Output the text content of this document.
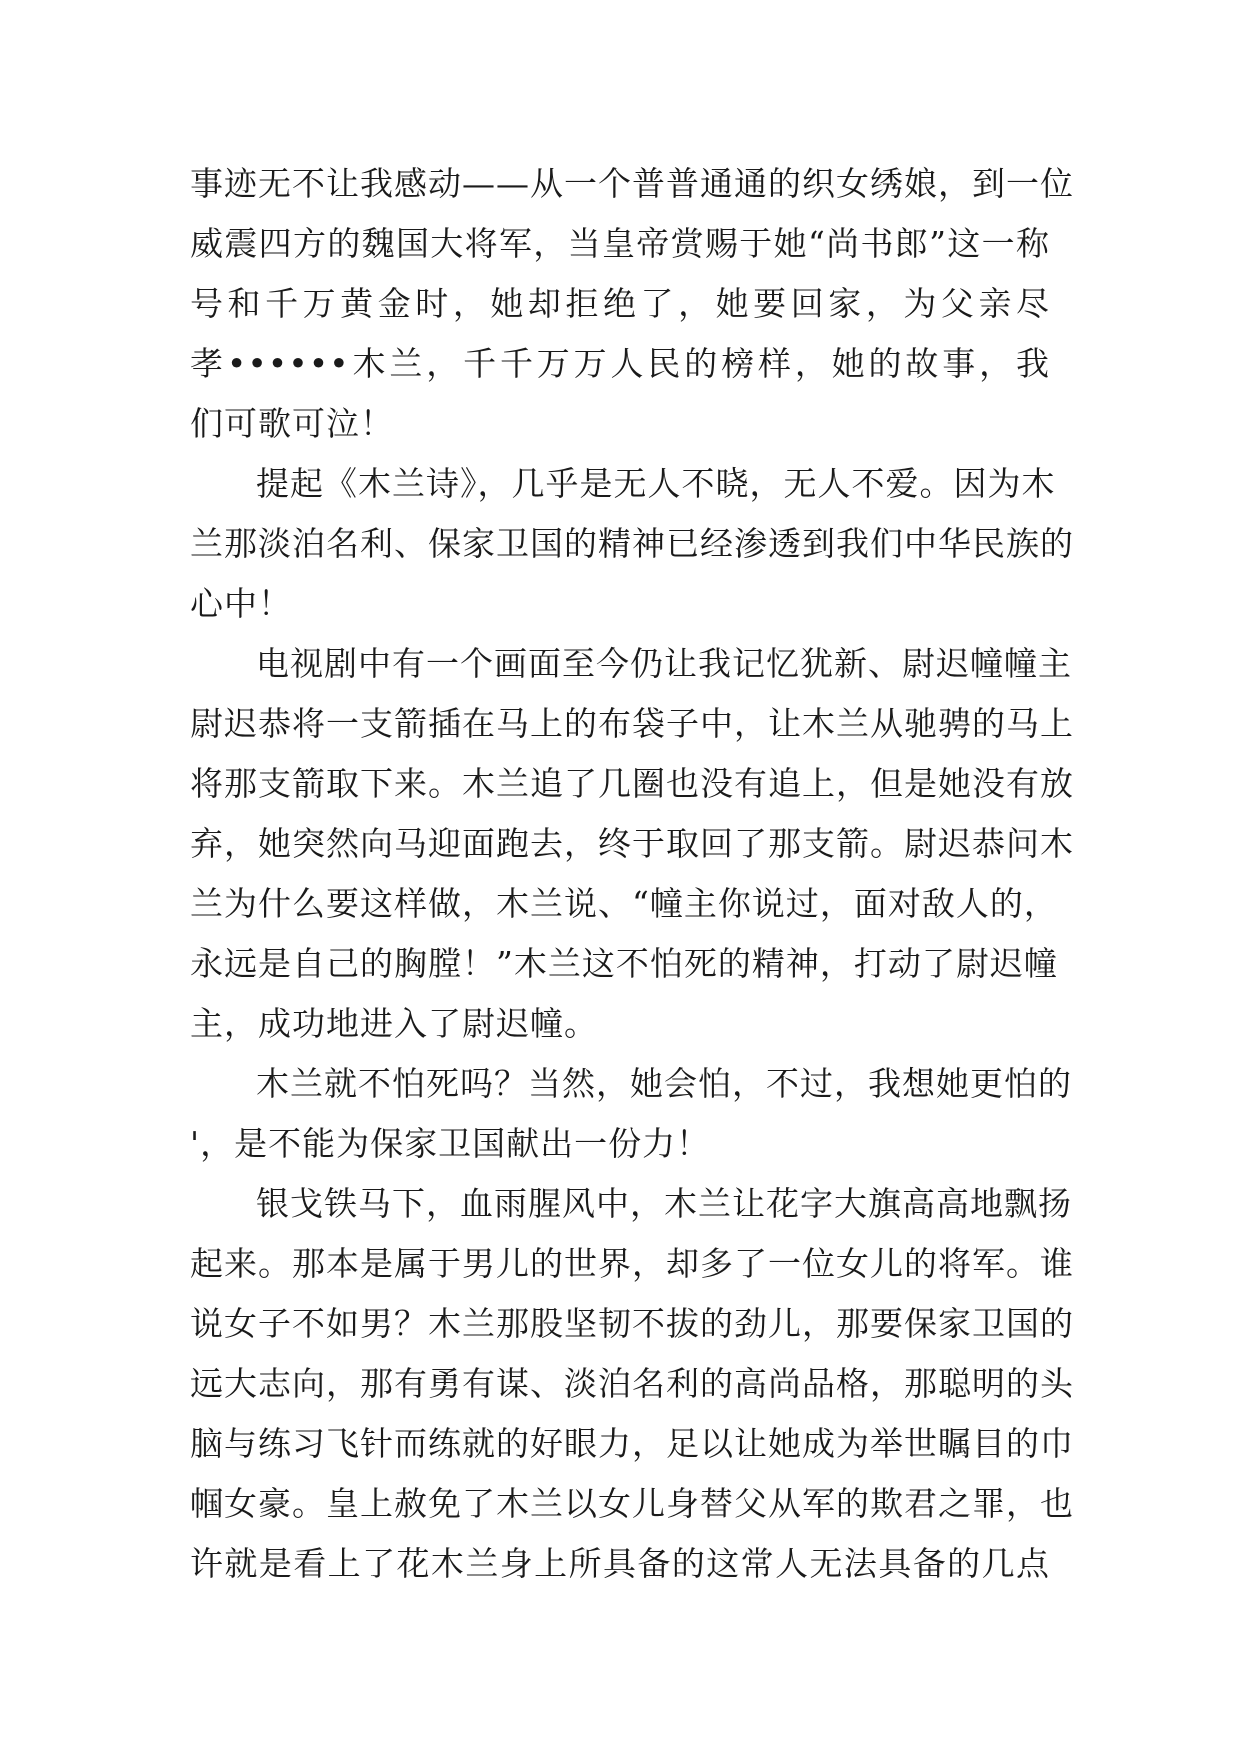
事迹无不让我感动——从一个普普通通的织女绣娘，到一位
威震四方的魏国大将军，当皇帝赏赐于她“尚书郎”这一称
号和千万黄金时，她却拒绝了，她要回家，为父亲尽
孝••••••木兰，千千万万人民的榜样，她的故事，我
们可歌可泣！
提起《木兰诗》，几乎是无人不晓，无人不爱。因为木
兰那淡泊名利、保家卫国的精神已经渗透到我们中华民族的
心中！
电视剧中有一个画面至今仍让我记忆犹新、尉迟幢幢主
尉迟恭将一支箭插在马上的布袋子中，让木兰从驰骋的马上
将那支箭取下来。木兰追了几圈也没有追上，但是她没有放
弃，她突然向马迎面跑去，终于取回了那支箭。尉迟恭问木
兰为什么要这样做，木兰说、“幢主你说过，面对敌人的，
永远是自己的胸膛！”木兰这不怕死的精神，打动了尉迟幢
主，成功地进入了尉迟幢。
木兰就不怕死吗？当然，她会怕，不过，我想她更怕的
'，是不能为保家卫国献出一份力！
银戈铁马下，血雨腥风中，木兰让花字大旗高高地飘扬
起来。那本是属于男儿的世界，却多了一位女儿的将军。谁
说女子不如男？木兰那股坚韧不拔的劲儿，那要保家卫国的
远大志向，那有勇有谋、淡泊名利的高尚品格，那聪明的头
脑与练习飞针而练就的好眼力，足以让她成为举世瞩目的巾
帼女豪。皇上赦免了木兰以女儿身替父从军的欺君之罪，也
许就是看上了花木兰身上所具备的这常人无法具备的几点
